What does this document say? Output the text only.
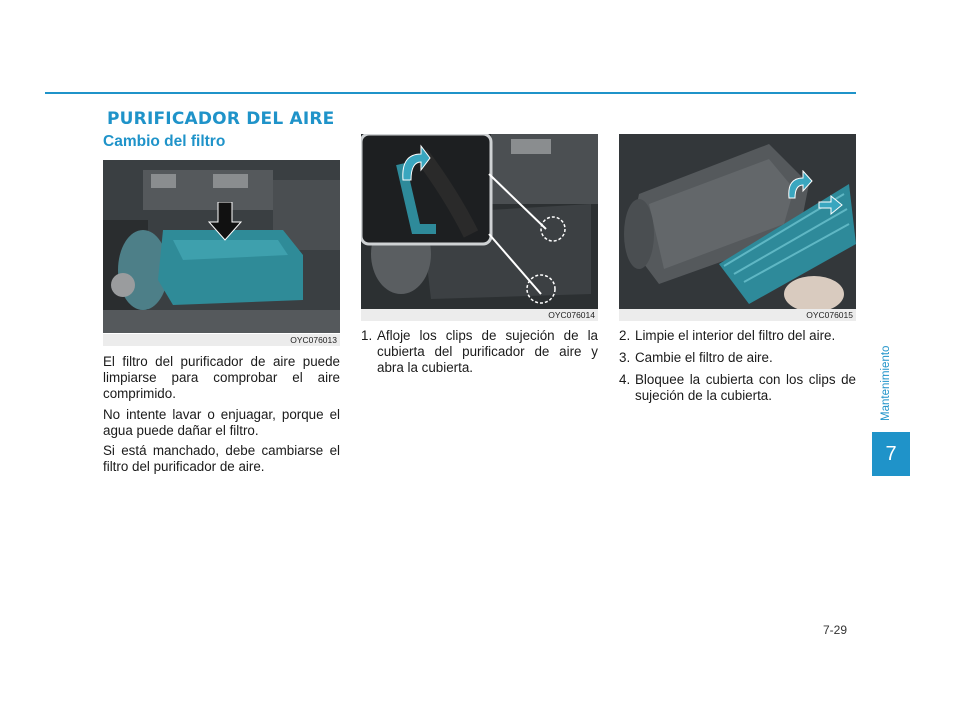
PURIFICADOR DEL AIRE
Cambio del filtro
OYC076013
OYC076014	OYC076015

El filtro del purificador de aire puede limpiarse para comprobar el aire comprimido.

No intente lavar o enjuagar, porque el agua puede dañar el filtro.

Si está manchado, debe cambiarse el filtro del purificador de aire.

1. Afloje los clips de sujeción de la cubierta del purificador de aire y abra la cubierta.
2. Limpie el interior del filtro del aire.
3. Cambie el filtro de aire.
4. Bloquee la cubierta con los clips de sujeción de la cubierta.	Mantenimiento
7
7-29
